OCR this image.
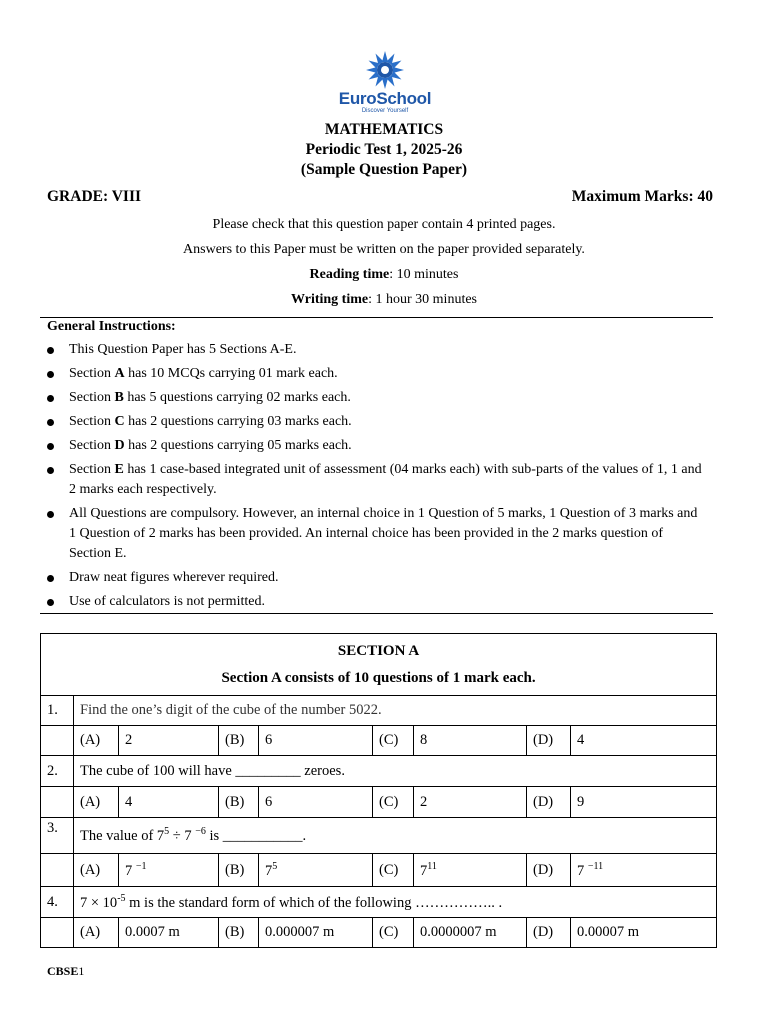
EuroSchool
Discover Yourself
MATHEMATICS
Periodic Test 1, 2025-26
(Sample Question Paper)
GRADE: VIII	Maximum Marks: 40
Please check that this question paper contain 4 printed pages.
Answers to this Paper must be written on the paper provided separately.
Reading time: 10 minutes
Writing time: 1 hour 30 minutes
General Instructions:
This Question Paper has 5 Sections A-E.
Section A has 10 MCQs carrying 01 mark each.
Section B has 5 questions carrying 02 marks each.
Section C has 2 questions carrying 03 marks each.
Section D has 2 questions carrying 05 marks each.
Section E has 1 case-based integrated unit of assessment (04 marks each) with sub-parts of the values of 1, 1 and 2 marks each respectively.
All Questions are compulsory. However, an internal choice in 1 Question of 5 marks, 1 Question of 3 marks and 1 Question of 2 marks has been provided. An internal choice has been provided in the 2 marks question of Section E.
Draw neat figures wherever required.
Use of calculators is not permitted.
SECTION A
Section A consists of 10 questions of 1 mark each.								

1.	Find the one’s digit of the cube of the number 5022.							
	(A)	2	(B)	6	(C)	8	(D)	4
2.	The cube of 100 will have _________ zeroes.							
	(A)	4	(B)	6	(C)	2	(D)	9
3.	The value of $7^5 \div 7$ $^{-6}$ is ___________.							
	(A)	7 $^{-1}$	(B)	$7^5$	(C)	$7^{11}$	(D)	7 $^{-11}$
4.	$7 \times 10^{-5}$ m is the standard form of which of the following …………….. .							
	(A)	0.0007 m	(B)	0.000007 m	(C)	0.0000007 m	(D)	0.00007 m
CBSE1
